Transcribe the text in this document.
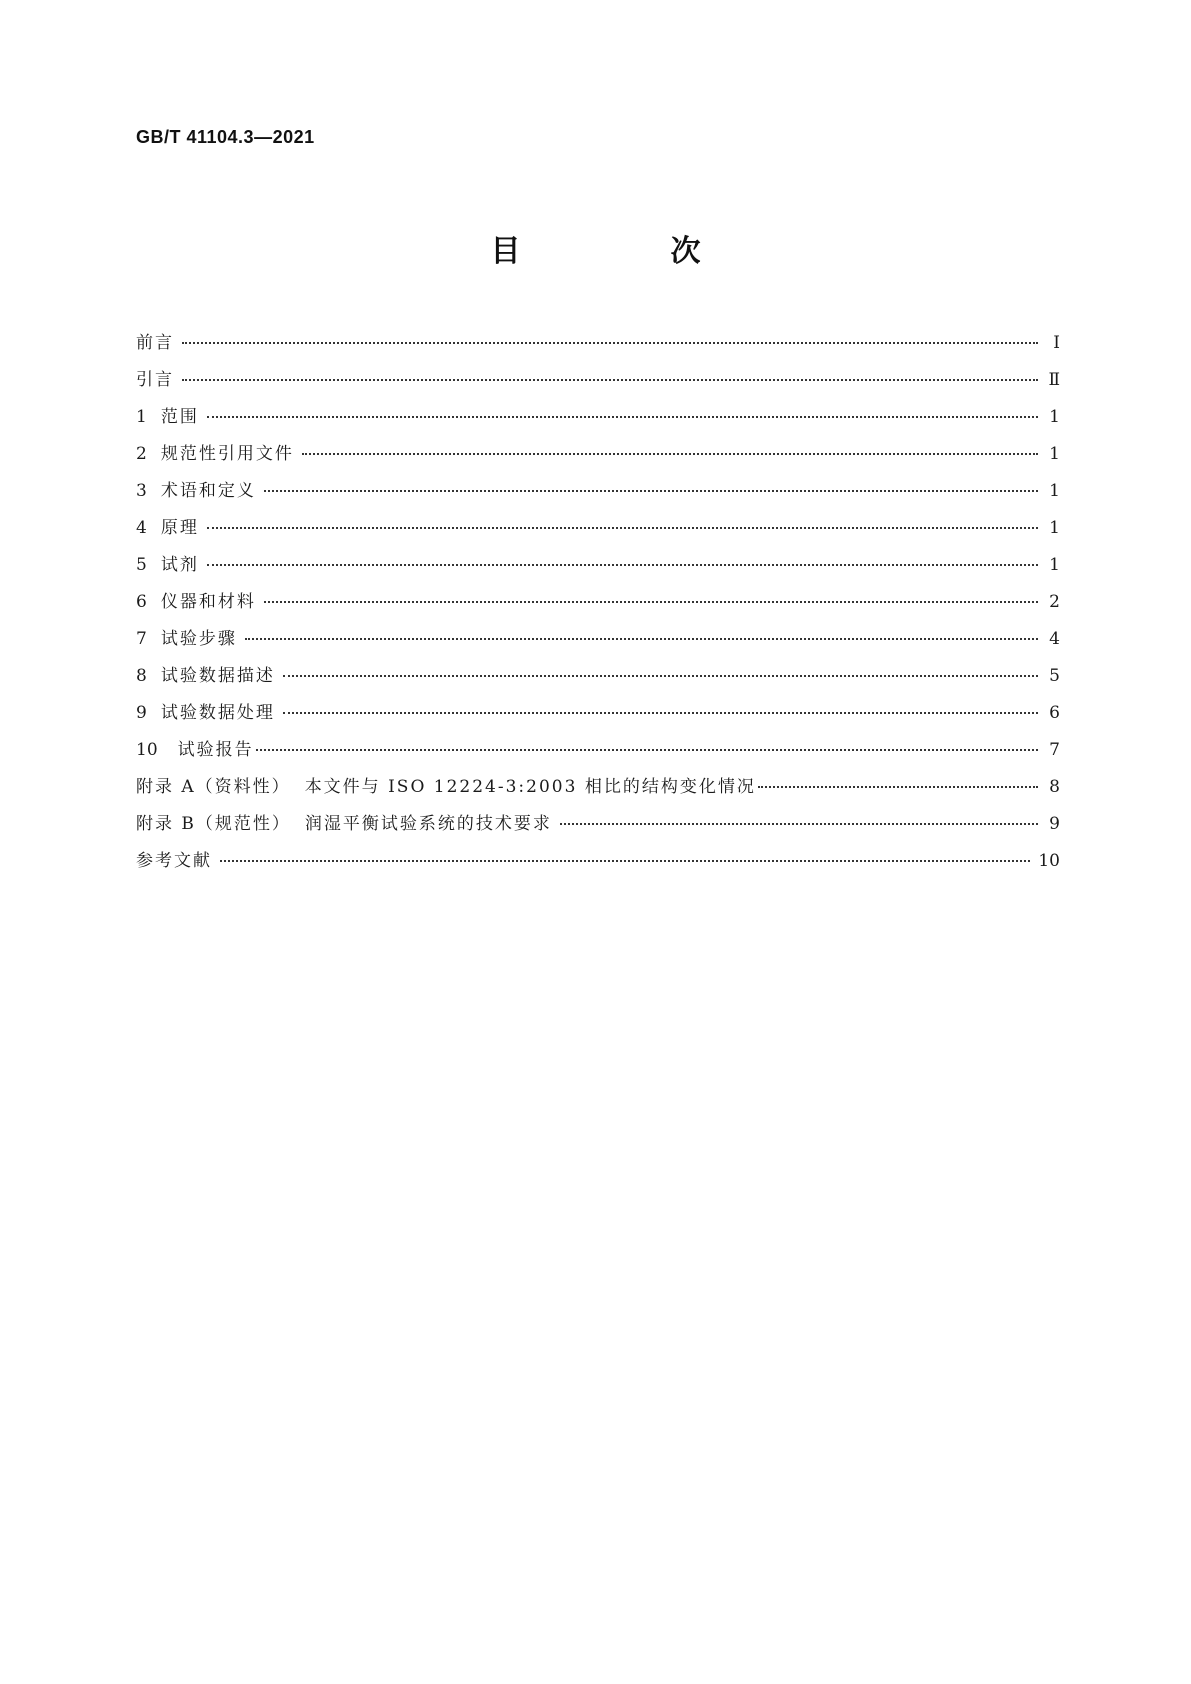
GB/T 41104.3—2021
目　次
前言	Ⅰ
引言	Ⅱ
1 范围	1
2 规范性引用文件	1
3 术语和定义	1
4 原理	1
5 试剂	1
6 仪器和材料	2
7 试验步骤	4
8 试验数据描述	5
9 试验数据处理	6
10 试验报告	7
附录 A（资料性） 本文件与 ISO 12224-3:2003 相比的结构变化情况	8
附录 B（规范性） 润湿平衡试验系统的技术要求	9
参考文献	10
